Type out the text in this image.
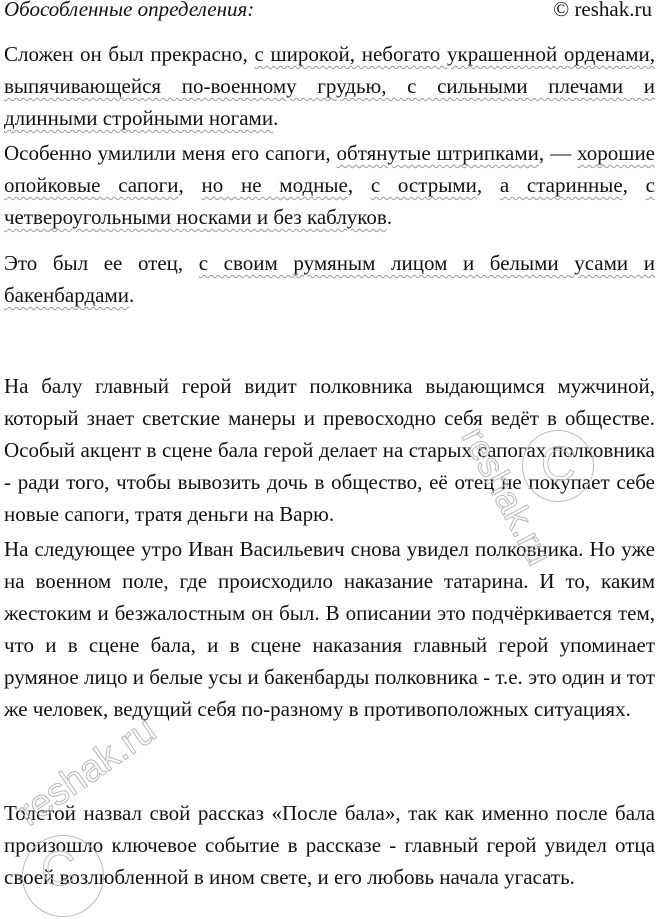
Обособленные определения:	© reshak.ru

Сложен он был прекрасно, с широкой, небогато украшенной орденами, выпячивающейся по-военному грудью, с сильными плечами и длинными стройными ногами.

Особенно умилили меня его сапоги, обтянутые штрипками, — хорошие опойковые сапоги, но не модные, с острыми, а старинные, с четвероугольными носками и без каблуков.

Это был ее отец, с своим румяным лицом и белыми усами и бакенбардами.

На балу главный герой видит полковника выдающимся мужчиной, который знает светские манеры и превосходно себя ведёт в обществе. Особый акцент в сцене бала герой делает на старых сапогах полковника - ради того, чтобы вывозить дочь в общество, её отец не покупает себе новые сапоги, тратя деньги на Варю.

На следующее утро Иван Васильевич снова увидел полковника. Но уже на военном поле, где происходило наказание татарина. И то, каким жестоким и безжалостным он был. В описании это подчёркивается тем, что и в сцене бала, и в сцене наказания главный герой упоминает румяное лицо и белые усы и бакенбарды полковника - т.е. это один и тот же человек, ведущий себя по-разному в противоположных ситуациях.

Толстой назвал свой рассказ «После бала», так как именно после бала произошло ключевое событие в рассказе - главный герой увидел отца своей возлюбленной в ином свете, и его любовь начала угасать.

reshak.ru
C
reshak.ru
C
